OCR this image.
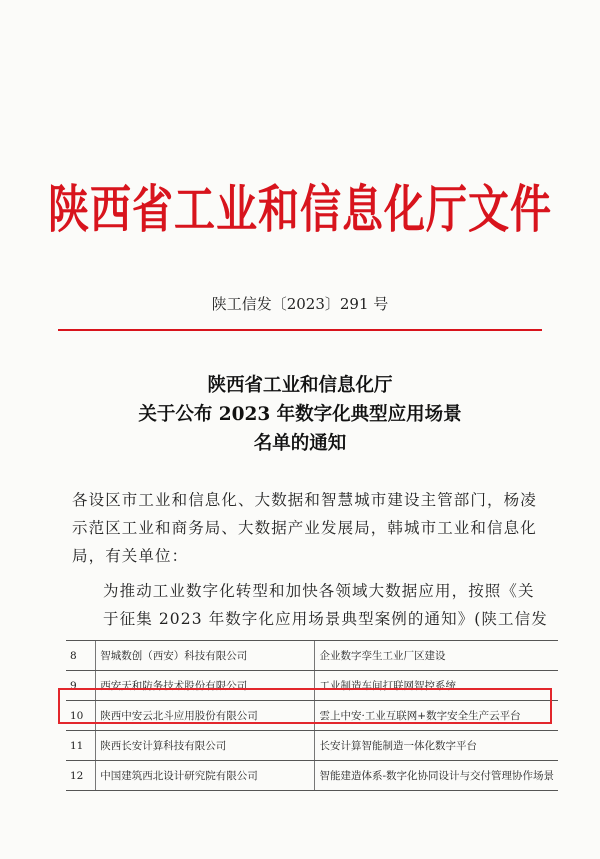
陕西省工业和信息化厅文件
陕工信发〔2023〕291 号
陕西省工业和信息化厅
关于公布 2023 年数字化典型应用场景
名单的通知
各设区市工业和信息化、大数据和智慧城市建设主管部门，杨凌
示范区工业和商务局、大数据产业发展局，韩城市工业和信息化
局，有关单位：
为推动工业数字化转型和加快各领域大数据应用，按照《关
于征集 2023 年数字化应用场景典型案例的通知》(陕工信发
8	智城数创（西安）科技有限公司	企业数字孪生工业厂区建设
9	西安天和防务技术股份有限公司	工业制造车间打联网智控系统
10	陕西中安云北斗应用股份有限公司	雲上中安·工业互联网+数字安全生产云平台
11	陕西长安计算科技有限公司	长安计算智能制造一体化数字平台
12	中国建筑西北设计研究院有限公司	智能建造体系-数字化协同设计与交付管理协作场景
